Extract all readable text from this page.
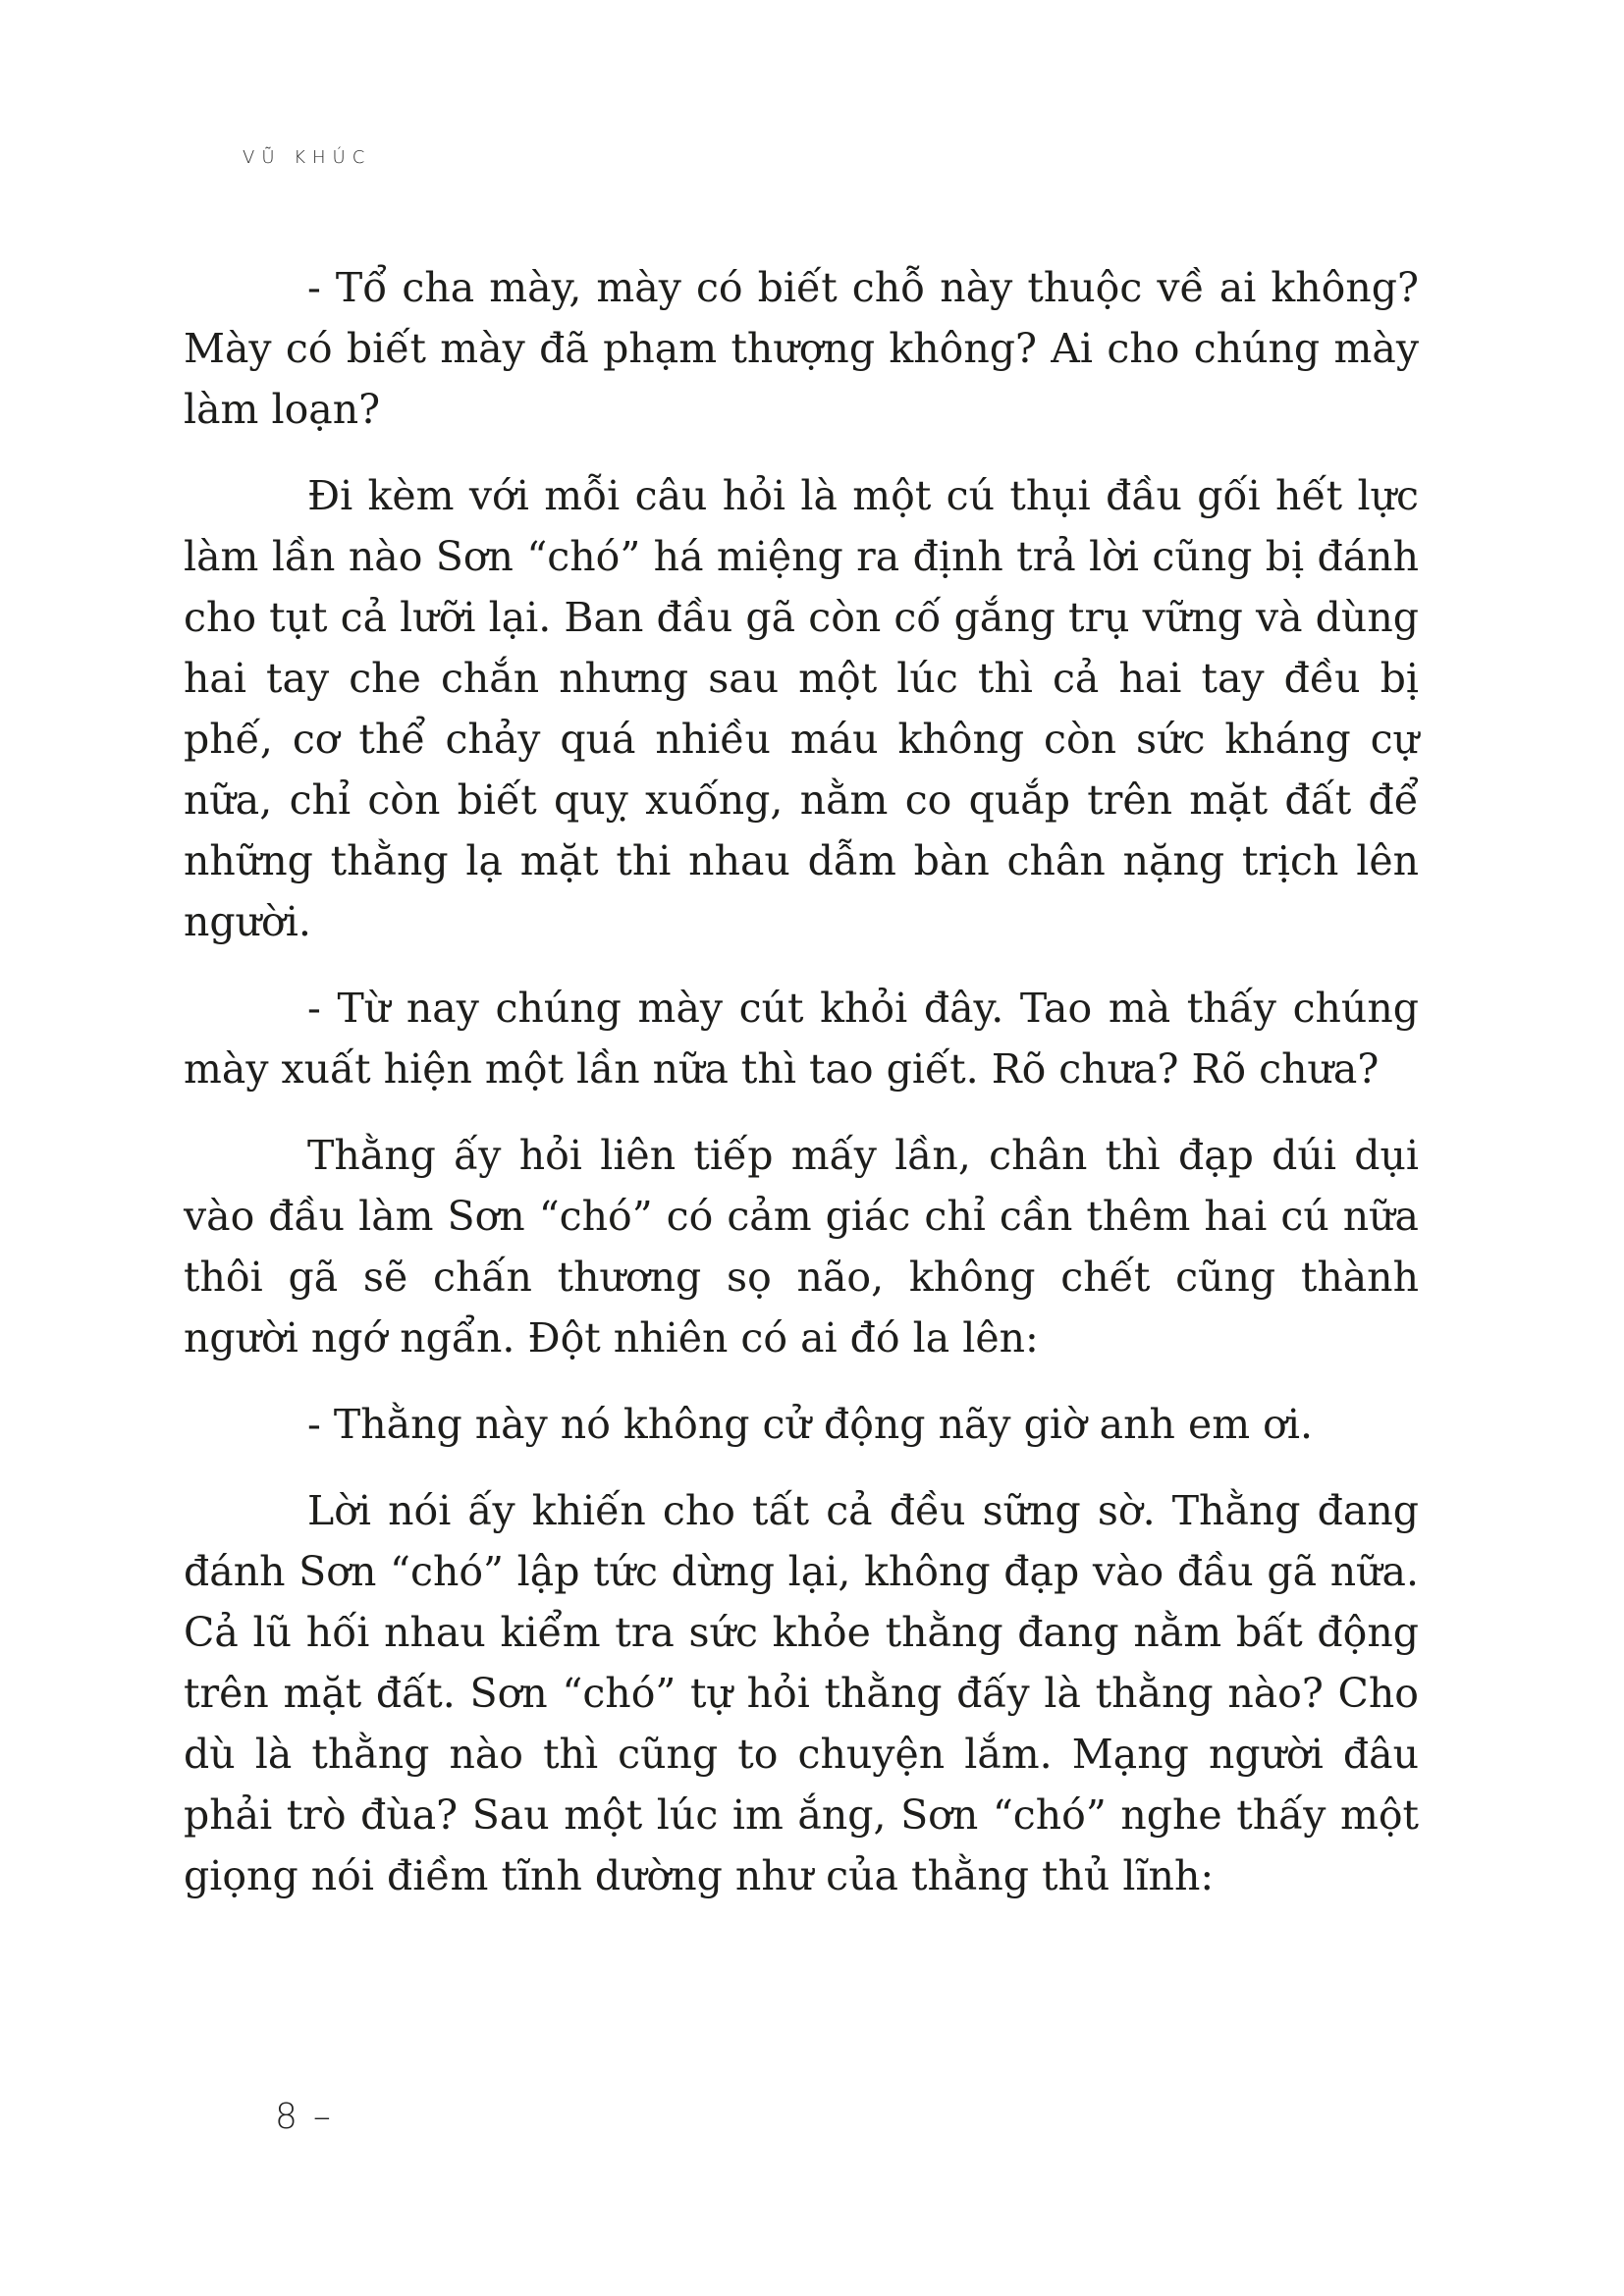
VŨ KHÚC

- Tổ cha mày, mày có biết chỗ này thuộc về ai không? Mày có biết mày đã phạm thượng không? Ai cho chúng mày làm loạn?

Đi kèm với mỗi câu hỏi là một cú thụi đầu gối hết lực làm lần nào Sơn “chó” há miệng ra định trả lời cũng bị đánh cho tụt cả lưỡi lại. Ban đầu gã còn cố gắng trụ vững và dùng hai tay che chắn nhưng sau một lúc thì cả hai tay đều bị phế, cơ thể chảy quá nhiều máu không còn sức kháng cự nữa, chỉ còn biết quỵ xuống, nằm co quắp trên mặt đất để những thằng lạ mặt thi nhau dẫm bàn chân nặng trịch lên người.

- Từ nay chúng mày cút khỏi đây. Tao mà thấy chúng mày xuất hiện một lần nữa thì tao giết. Rõ chưa? Rõ chưa?

Thằng ấy hỏi liên tiếp mấy lần, chân thì đạp dúi dụi vào đầu làm Sơn “chó” có cảm giác chỉ cần thêm hai cú nữa thôi gã sẽ chấn thương sọ não, không chết cũng thành người ngớ ngẩn. Đột nhiên có ai đó la lên:

- Thằng này nó không cử động nãy giờ anh em ơi.

Lời nói ấy khiến cho tất cả đều sững sờ. Thằng đang đánh Sơn “chó” lập tức dừng lại, không đạp vào đầu gã nữa. Cả lũ hối nhau kiểm tra sức khỏe thằng đang nằm bất động trên mặt đất. Sơn “chó” tự hỏi thằng đấy là thằng nào? Cho dù là thằng nào thì cũng to chuyện lắm. Mạng người đâu phải trò đùa? Sau một lúc im ắng, Sơn “chó” nghe thấy một giọng nói điềm tĩnh dường như của thằng thủ lĩnh:

8 –
